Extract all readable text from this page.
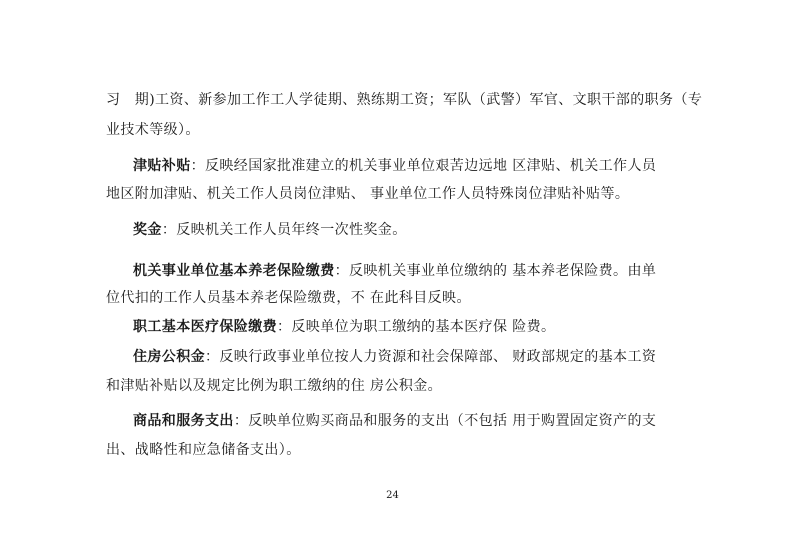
习　期)工资、新参加工作工人学徒期、熟练期工资；军队（武警）军官、文职干部的职务（专
业技术等级）。
津贴补贴：反映经国家批准建立的机关事业单位艰苦边远地 区津贴、机关工作人员
地区附加津贴、机关工作人员岗位津贴、 事业单位工作人员特殊岗位津贴补贴等。
奖金：反映机关工作人员年终一次性奖金。
机关事业单位基本养老保险缴费：反映机关事业单位缴纳的 基本养老保险费。由单
位代扣的工作人员基本养老保险缴费，不 在此科目反映。
职工基本医疗保险缴费：反映单位为职工缴纳的基本医疗保 险费。
住房公积金：反映行政事业单位按人力资源和社会保障部、 财政部规定的基本工资
和津贴补贴以及规定比例为职工缴纳的住 房公积金。
商品和服务支出：反映单位购买商品和服务的支出（不包括 用于购置固定资产的支
出、战略性和应急储备支出）。
24
